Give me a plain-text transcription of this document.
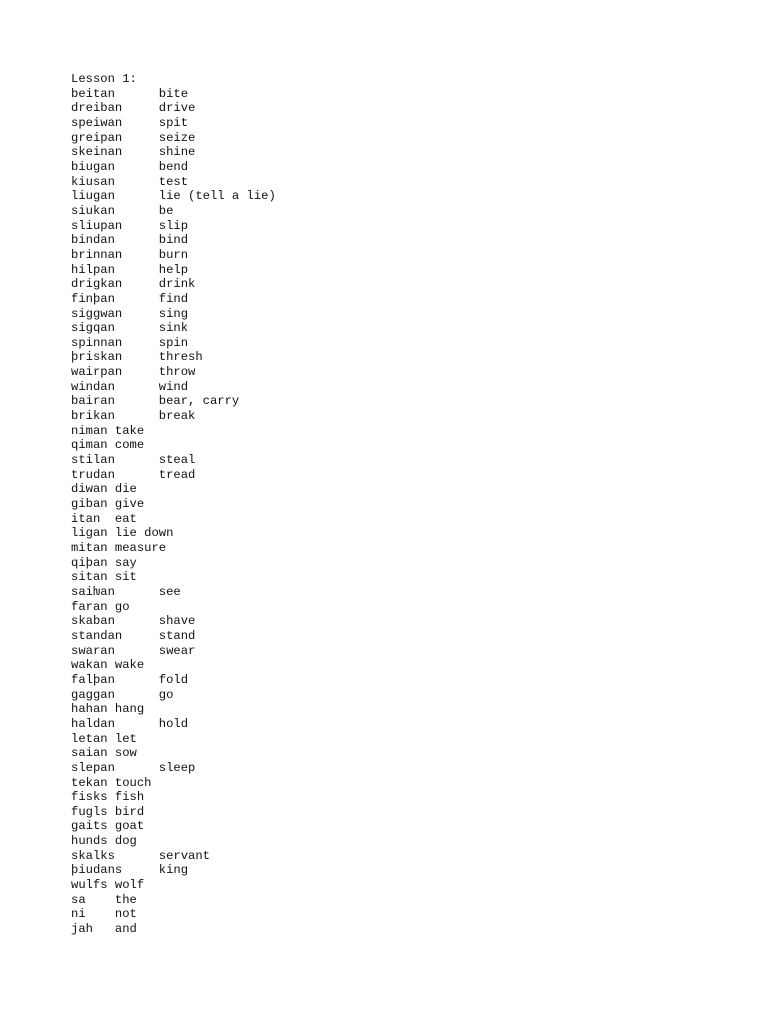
Lesson 1:
beitan      bite
dreiban     drive
speiwan     spit
greipan     seize
skeinan     shine
biugan      bend
kiusan      test
liugan      lie (tell a lie)
siukan      be
sliupan     slip
bindan      bind
brinnan     burn
hilpan      help
drigkan     drink
finþan      find
siggwan     sing
sigqan      sink
spinnan     spin
þriskan     thresh
wairpan     throw
windan      wind
bairan      bear, carry
brikan      break
niman take
qiman come
stilan      steal
trudan      tread
diwan die
giban give
itan  eat
ligan lie down
mitan measure
qiþan say
sitan sit
saiƕan      see
faran go
skaban      shave
standan     stand
swaran      swear
wakan wake
falþan      fold
gaggan      go
hahan hang
haldan      hold
letan let
saian sow
slepan      sleep
tekan touch
fisks fish
fugls bird
gaits goat
hunds dog
skalks      servant
þiudans     king
wulfs wolf
sa    the
ni    not
jah   and
